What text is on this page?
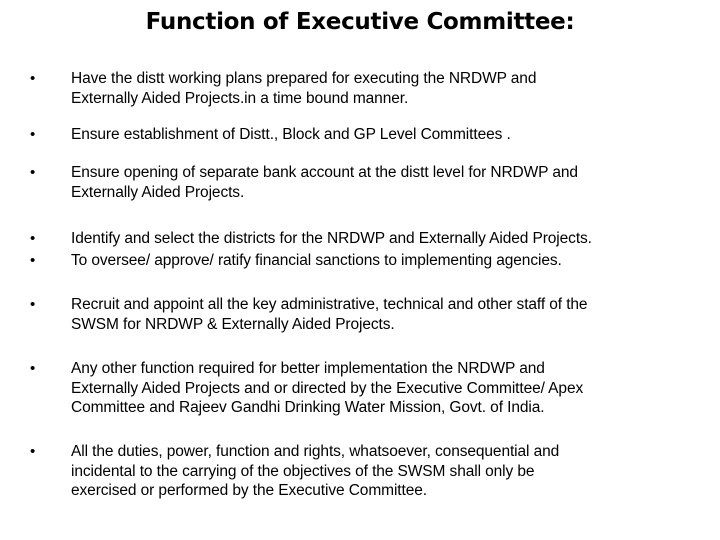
Function of Executive Committee:
• Have the distt working plans prepared for executing the NRDWP and
Externally Aided Projects.in a time bound manner.
• Ensure establishment of Distt., Block and GP Level Committees .
• Ensure opening of separate bank account at the distt level for NRDWP and
Externally Aided Projects.
• Identify and select the districts for the NRDWP and Externally Aided Projects.
• To oversee/ approve/ ratify financial sanctions to implementing agencies.
• Recruit and appoint all the key administrative, technical and other staff of the
SWSM for NRDWP & Externally Aided Projects.
• Any other function required for better implementation the NRDWP and
Externally Aided Projects and or directed by the Executive Committee/ Apex
Committee and Rajeev Gandhi Drinking Water Mission, Govt. of India.
• All the duties, power, function and rights, whatsoever, consequential and
incidental to the carrying of the objectives of the SWSM shall only be
exercised or performed by the Executive Committee.
